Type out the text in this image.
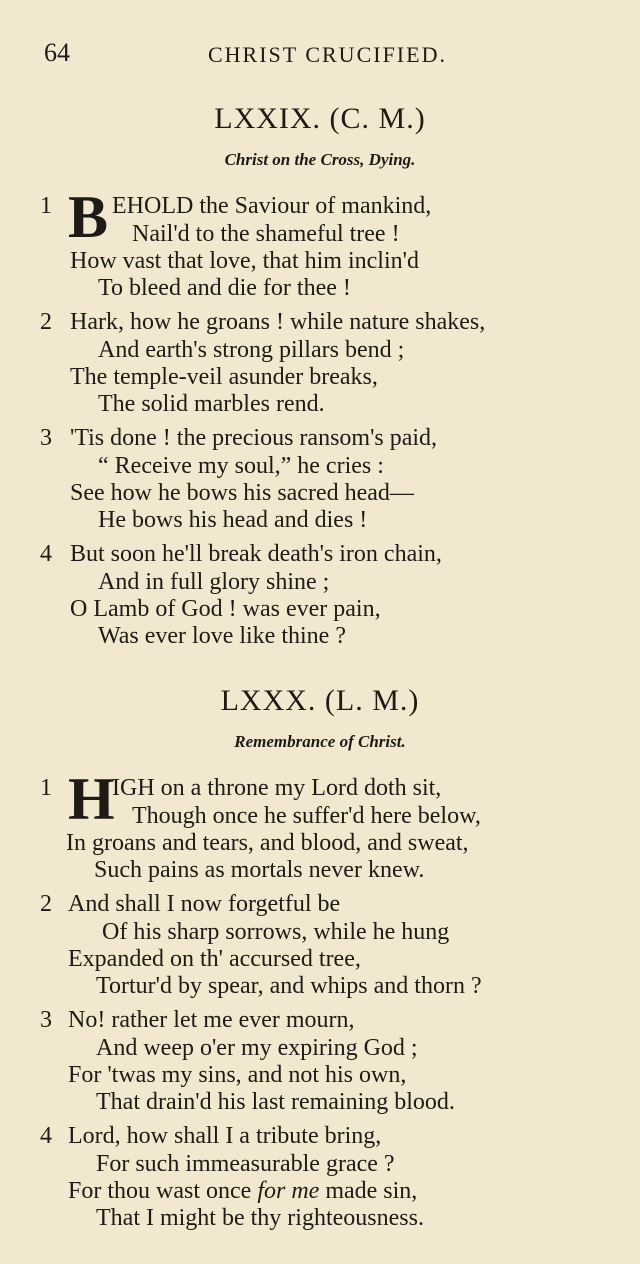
64	CHRIST CRUCIFIED.
LXXIX. (C. M.)
Christ on the Cross, Dying.
1 B EHOLD the Saviour of mankind,
Nail'd to the shameful tree !
How vast that love, that him inclin'd
To bleed and die for thee !
2 Hark, how he groans ! while nature shakes,
And earth's strong pillars bend ;
The temple-veil asunder breaks,
The solid marbles rend.
3 'Tis done ! the precious ransom's paid,
“ Receive my soul,” he cries :
See how he bows his sacred head—
He bows his head and dies !
4 But soon he'll break death's iron chain,
And in full glory shine ;
O Lamb of God ! was ever pain,
Was ever love like thine ?
LXXX. (L. M.)
Remembrance of Christ.
1 H
IGH on a throne my Lord doth sit,
Though once he suffer'd here below,
In groans and tears, and blood, and sweat,
Such pains as mortals never knew.
2 And shall I now forgetful be
Of his sharp sorrows, while he hung
Expanded on th' accursed tree,
Tortur'd by spear, and whips and thorn ?
3 No! rather let me ever mourn,
And weep o'er my expiring God ;
For 'twas my sins, and not his own,
That drain'd his last remaining blood.
4 Lord, how shall I a tribute bring,
For such immeasurable grace ?
For thou wast once for me made sin,
That I might be thy righteousness.
